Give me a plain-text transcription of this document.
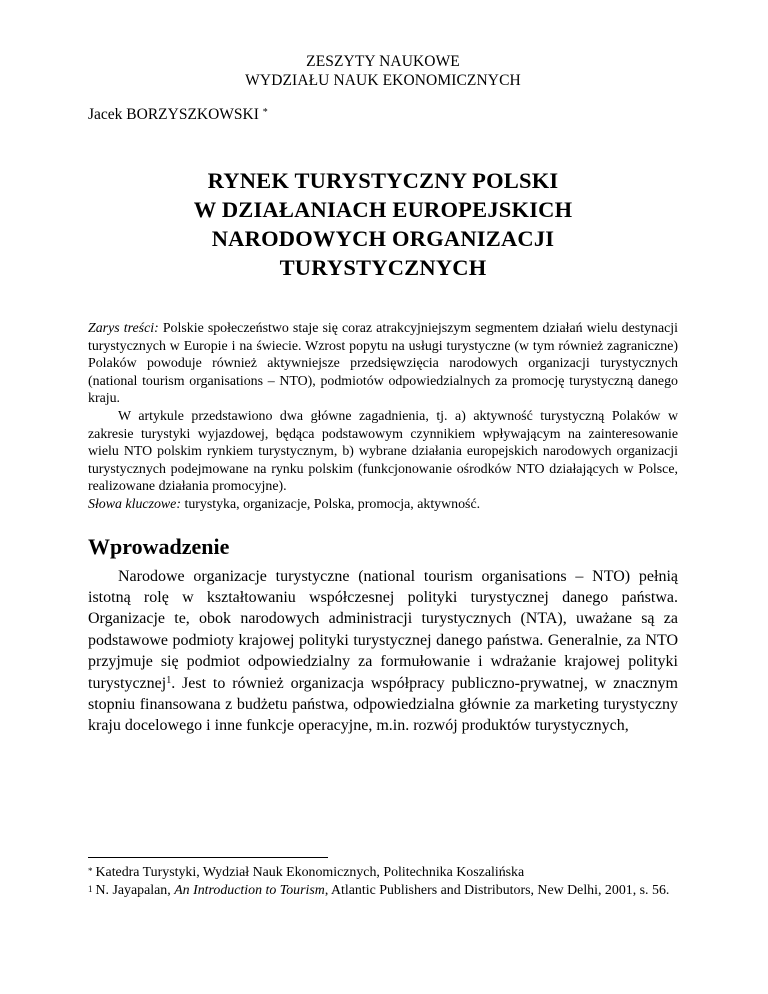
ZESZYTY NAUKOWE
WYDZIAŁU NAUK EKONOMICZNYCH
Jacek BORZYSZKOWSKI *
RYNEK TURYSTYCZNY POLSKI
W DZIAŁANIACH EUROPEJSKICH
NARODOWYCH ORGANIZACJI
TURYSTYCZNYCH

Zarys treści: Polskie społeczeństwo staje się coraz atrakcyjniejszym segmentem działań wielu destynacji turystycznych w Europie i na świecie. Wzrost popytu na usługi turystyczne (w tym również zagraniczne) Polaków powoduje również aktywniejsze przedsięwzięcia narodowych organizacji turystycznych (national tourism organisations – NTO), podmiotów odpowiedzialnych za promocję turystyczną danego kraju.

W artykule przedstawiono dwa główne zagadnienia, tj. a) aktywność turystyczną Polaków w zakresie turystyki wyjazdowej, będąca podstawowym czynnikiem wpływającym na zainteresowanie wielu NTO polskim rynkiem turystycznym, b) wybrane działania europejskich narodowych organizacji turystycznych podejmowane na rynku polskim (funkcjonowanie ośrodków NTO działających w Polsce, realizowane działania promocyjne).

Słowa kluczowe: turystyka, organizacje, Polska, promocja, aktywność.

Wprowadzenie

Narodowe organizacje turystyczne (national tourism organisations – NTO) pełnią istotną rolę w kształtowaniu współczesnej polityki turystycznej danego państwa. Organizacje te, obok narodowych administracji turystycznych (NTA), uważane są za podstawowe podmioty krajowej polityki turystycznej danego państwa. Generalnie, za NTO przyjmuje się podmiot odpowiedzialny za formułowanie i wdrażanie krajowej polityki turystycznej$^1$. Jest to również organizacja współpracy publiczno-prywatnej, w znacznym stopniu finansowana z budżetu państwa, odpowiedzialna głównie za marketing turystyczny kraju docelowego i inne funkcje operacyjne, m.in. rozwój produktów turystycznych,

* Katedra Turystyki, Wydział Nauk Ekonomicznych, Politechnika Koszalińska

$^1$ N. Jayapalan, An Introduction to Tourism, Atlantic Publishers and Distributors, New Delhi, 2001, s. 56.
